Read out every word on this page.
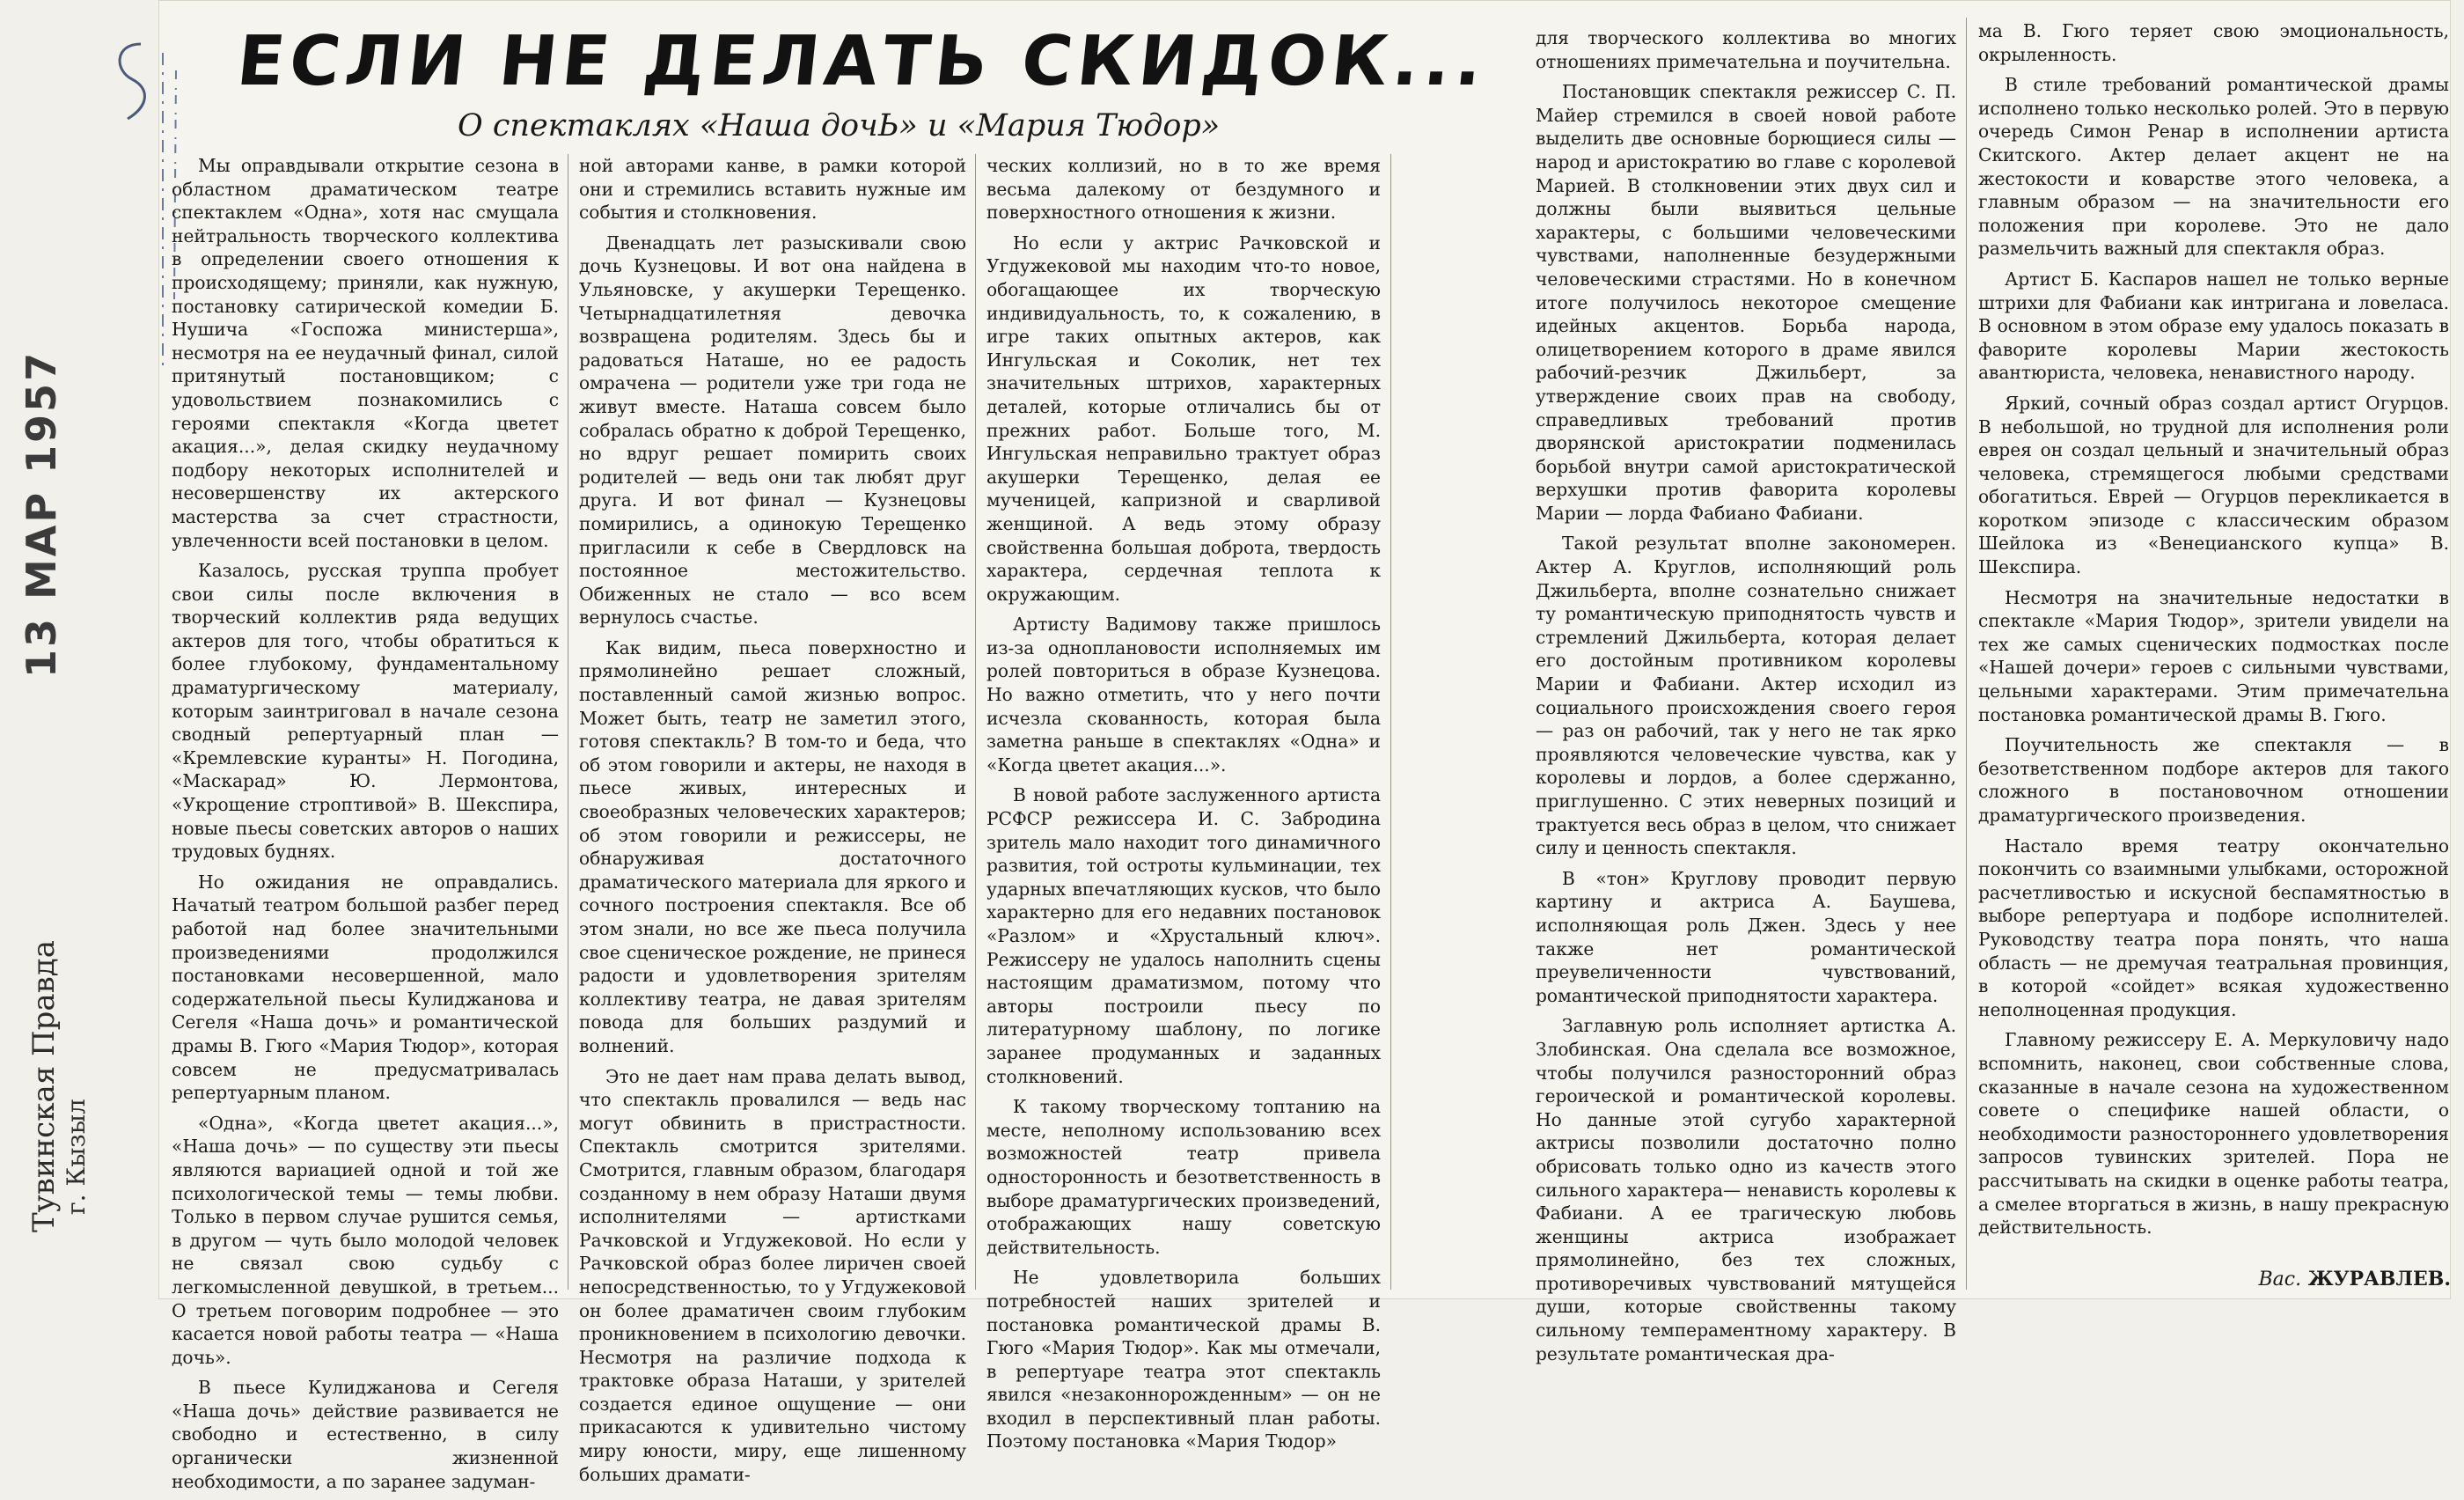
13 МАР 1957
Тувинская Правда г. Кызыл
ЕСЛИ НЕ ДЕЛАТЬ СКИДОК...
О спектаклях «Наша дочЬ» и «Мария Тюдор»

Мы оправдывали открытие сезона в областном драматическом театре спектаклем «Одна», хотя нас смущала нейтральность творческого коллектива в определении своего отношения к происходящему; приняли, как нужную, постановку сатирической комедии Б. Нушича «Госпожа министерша», несмотря на ее неудачный финал, силой притянутый постановщиком; с удовольствием познакомились с героями спектакля «Когда цветет акация...», делая скидку неудачному подбору некоторых исполнителей и несовершенству их актерского мастерства за счет страстности, увлеченности всей постановки в целом.

Казалось, русская труппа пробует свои силы после включения в творческий коллектив ряда ведущих актеров для того, чтобы обратиться к более глубокому, фундаментальному драматургическому материалу, которым заинтриговал в начале сезона сводный репертуарный план — «Кремлевские куранты» Н. Погодина, «Маскарад» Ю. Лермонтова, «Укрощение строптивой» В. Шекспира, новые пьесы советских авторов о наших трудовых буднях.

Но ожидания не оправдались. Начатый театром большой разбег перед работой над более значительными произведениями продолжился постановками несовершенной, мало содержательной пьесы Кулиджанова и Сегеля «Наша дочь» и романтической драмы В. Гюго «Мария Тюдор», которая совсем не предусматривалась репертуарным планом.

«Одна», «Когда цветет акация...», «Наша дочь» — по существу эти пьесы являются вариацией одной и той же психологической темы — темы любви. Только в первом случае рушится семья, в другом — чуть было молодой человек не связал свою судьбу с легкомысленной девушкой, в третьем... О третьем поговорим подробнее — это касается новой работы театра — «Наша дочь».

В пьесе Кулиджанова и Сегеля «Наша дочь» действие развивается не свободно и естественно, в силу органически жизненной необходимости, а по заранее задуман-

ной авторами канве, в рамки которой они и стремились вставить нужные им события и столкновения.

Двенадцать лет разыскивали свою дочь Кузнецовы. И вот она найдена в Ульяновске, у акушерки Терещенко. Четырнадцатилетняя девочка возвращена родителям. Здесь бы и радоваться Наташе, но ее радость омрачена — родители уже три года не живут вместе. Наташа совсем было собралась обратно к доброй Терещенко, но вдруг решает помирить своих родителей — ведь они так любят друг друга. И вот финал — Кузнецовы помирились, а одинокую Терещенко пригласили к себе в Свердловск на постоянное местожительство. Обиженных не стало — всо всем вернулось счастье.

Как видим, пьеса поверхностно и прямолинейно решает сложный, поставленный самой жизнью вопрос. Может быть, театр не заметил этого, готовя спектакль? В том-то и беда, что об этом говорили и актеры, не находя в пьесе живых, интересных и своеобразных человеческих характеров; об этом говорили и режиссеры, не обнаруживая достаточного драматического материала для яркого и сочного построения спектакля. Все об этом знали, но все же пьеса получила свое сценическое рождение, не принеся радости и удовлетворения зрителям коллективу театра, не давая зрителям повода для больших раздумий и волнений.

Это не дает нам права делать вывод, что спектакль провалился — ведь нас могут обвинить в пристрастности. Спектакль смотрится зрителями. Смотрится, главным образом, благодаря созданному в нем образу Наташи двумя исполнителями — артистками Рачковской и Угдужековой. Но если у Рачковской образ более лиричен своей непосредственностью, то у Угдужековой он более драматичен своим глубоким проникновением в психологию девочки. Несмотря на различие подхода к трактовке образа Наташи, у зрителей создается единое ощущение — они прикасаются к удивительно чистому миру юности, миру, еще лишенному больших драмати-

ческих коллизий, но в то же время весьма далекому от бездумного и поверхностного отношения к жизни.

Но если у актрис Рачковской и Угдужековой мы находим что-то новое, обогащающее их творческую индивидуальность, то, к сожалению, в игре таких опытных актеров, как Ингульская и Соколик, нет тех значительных штрихов, характерных деталей, которые отличались бы от прежних работ. Больше того, М. Ингульская неправильно трактует образ акушерки Терещенко, делая ее мученицей, капризной и сварливой женщиной. А ведь этому образу свойственна большая доброта, твердость характера, сердечная теплота к окружающим.

Артисту Вадимову также пришлось из-за одноплановости исполняемых им ролей повториться в образе Кузнецова. Но важно отметить, что у него почти исчезла скованность, которая была заметна раньше в спектаклях «Одна» и «Когда цветет акация...».

В новой работе заслуженного артиста РСФСР режиссера И. С. Забродина зритель мало находит того динамичного развития, той остроты кульминации, тех ударных впечатляющих кусков, что было характерно для его недавних постановок «Разлом» и «Хрустальный ключ». Режиссеру не удалось наполнить сцены настоящим драматизмом, потому что авторы построили пьесу по литературному шаблону, по логике заранее продуманных и заданных столкновений.

К такому творческому топтанию на месте, неполному использованию всех возможностей театр привела односторонность и безответственность в выборе драматургических произведений, отображающих нашу советскую действительность.

Не удовлетворила больших потребностей наших зрителей и постановка романтической драмы В. Гюго «Мария Тюдор». Как мы отмечали, в репертуаре театра этот спектакль явился «незаконнорожденным» — он не входил в перспективный план работы. Поэтому постановка «Мария Тюдор»

для творческого коллектива во многих отношениях примечательна и поучительна.

Постановщик спектакля режиссер С. П. Майер стремился в своей новой работе выделить две основные борющиеся силы — народ и аристократию во главе с королевой Марией. В столкновении этих двух сил и должны были выявиться цельные характеры, с большими человеческими чувствами, наполненные безудержными человеческими страстями. Но в конечном итоге получилось некоторое смещение идейных акцентов. Борьба народа, олицетворением которого в драме явился рабочий-резчик Джильберт, за утверждение своих прав на свободу, справедливых требований против дворянской аристократии подменилась борьбой внутри самой аристократической верхушки против фаворита королевы Марии — лорда Фабиано Фабиани.

Такой результат вполне закономерен. Актер А. Круглов, исполняющий роль Джильберта, вполне сознательно снижает ту романтическую приподнятость чувств и стремлений Джильберта, которая делает его достойным противником королевы Марии и Фабиани. Актер исходил из социального происхождения своего героя — раз он рабочий, так у него не так ярко проявляются человеческие чувства, как у королевы и лордов, а более сдержанно, приглушенно. С этих неверных позиций и трактуется весь образ в целом, что снижает силу и ценность спектакля.

В «тон» Круглову проводит первую картину и актриса А. Баушева, исполняющая роль Джен. Здесь у нее также нет романтической преувеличенности чувствований, романтической приподнятости характера.

Заглавную роль исполняет артистка А. Злобинская. Она сделала все возможное, чтобы получился разносторонний образ героической и романтической королевы. Но данные этой сугубо характерной актрисы позволили достаточно полно обрисовать только одно из качеств этого сильного характера— ненависть королевы к Фабиани. А ее трагическую любовь женщины актриса изображает прямолинейно, без тех сложных, противоречивых чувствований мятущейся души, которые свойственны такому сильному темпераментному характеру. В результате романтическая дра-

ма В. Гюго теряет свою эмоциональность, окрыленность.

В стиле требований романтической драмы исполнено только несколько ролей. Это в первую очередь Симон Ренар в исполнении артиста Скитского. Актер делает акцент не на жестокости и коварстве этого человека, а главным образом — на значительности его положения при королеве. Это не дало размельчить важный для спектакля образ.

Артист Б. Каспаров нашел не только верные штрихи для Фабиани как интригана и ловеласа. В основном в этом образе ему удалось показать в фаворите королевы Марии жестокость авантюриста, человека, ненавистного народу.

Яркий, сочный образ создал артист Огурцов. В небольшой, но трудной для исполнения роли еврея он создал цельный и значительный образ человека, стремящегося любыми средствами обогатиться. Еврей — Огурцов перекликается в коротком эпизоде с классическим образом Шейлока из «Венецианского купца» В. Шекспира.

Несмотря на значительные недостатки в спектакле «Мария Тюдор», зрители увидели на тех же самых сценических подмостках после «Нашей дочери» героев с сильными чувствами, цельными характерами. Этим примечательна постановка романтической драмы В. Гюго.

Поучительность же спектакля — в безответственном подборе актеров для такого сложного в постановочном отношении драматургического произведения.

Настало время театру окончательно покончить со взаимными улыбками, осторожной расчетливостью и искусной беспамятностью в выборе репертуара и подборе исполнителей. Руководству театра пора понять, что наша область — не дремучая театральная провинция, в которой «сойдет» всякая художественно неполноценная продукция.

Главному режиссеру Е. А. Меркуловичу надо вспомнить, наконец, свои собственные слова, сказанные в начале сезона на художественном совете о специфике нашей области, о необходимости разностороннего удовлетворения запросов тувинских зрителей. Пора не рассчитывать на скидки в оценке работы театра, а смелее вторгаться в жизнь, в нашу прекрасную действительность.

Вас. ЖУРАВЛЕВ.
